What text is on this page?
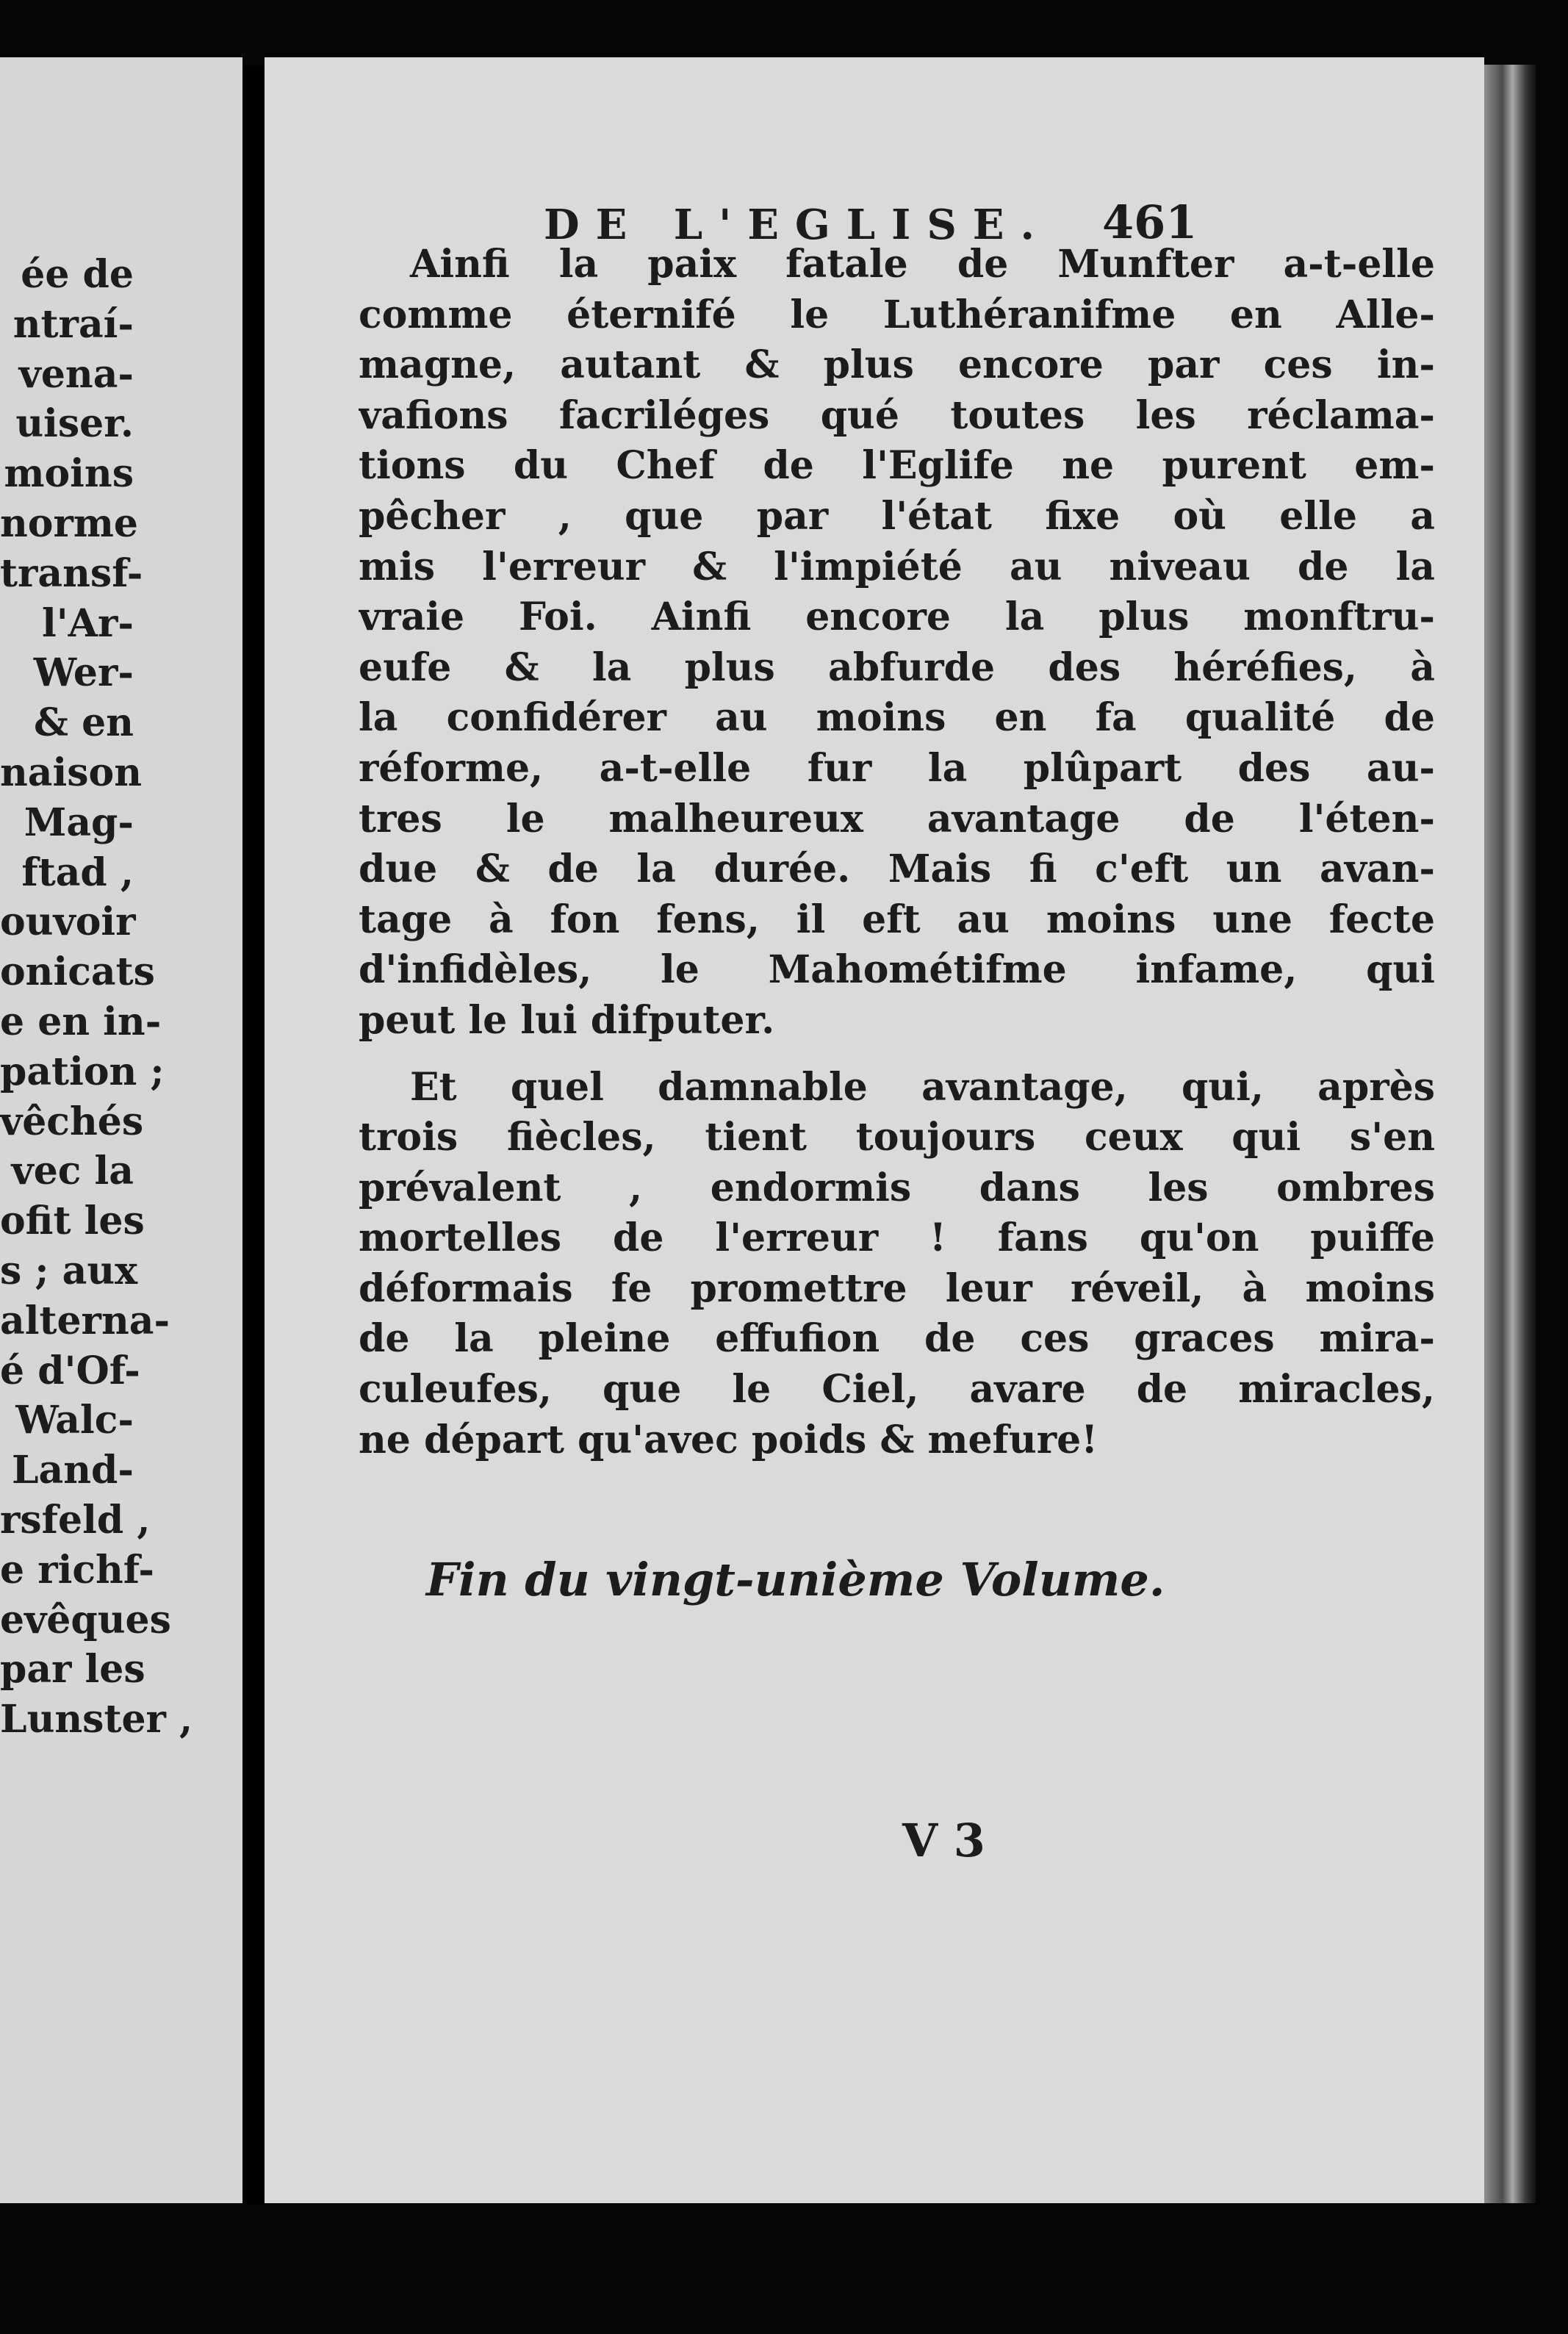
ée de
ntraí-
vena-
uiser.
moins
norme
transf-
l'Ar-
Wer-
& en
naison
Mag-
ftad ,
ouvoir
onicats
e en in-
pation ;
vêchés
vec la
ofit les
s ; aux
alterna-
é d'Of-
Walc-
Land-
rsfeld ,
e richf-
evêques
par les
Lunster ,
DE L'EGLISE. 461
Ainfi la paix fatale de Munfter a-t-elle
comme éternifé le Luthéranifme en Alle-
magne, autant & plus encore par ces in-
vafions facriléges qué toutes les réclama-
tions du Chef de l'Eglife ne purent em-
pêcher , que par l'état fixe où elle a
mis l'erreur & l'impiété au niveau de la
vraie Foi. Ainfi encore la plus monftru-
eufe & la plus abfurde des héréfies, à
la confidérer au moins en fa qualité de
réforme, a-t-elle fur la plûpart des au-
tres le malheureux avantage de l'éten-
due & de la durée. Mais fi c'eft un avan-
tage à fon fens, il eft au moins une fecte
d'infidèles, le Mahométifme infame, qui
peut le lui difputer.
Et quel damnable avantage, qui, après
trois fiècles, tient toujours ceux qui s'en
prévalent , endormis dans les ombres
mortelles de l'erreur ! fans qu'on puiffe
déformais fe promettre leur réveil, à moins
de la pleine effufion de ces graces mira-
culeufes, que le Ciel, avare de miracles,
ne départ qu'avec poids & mefure!
Fin du vingt-unième Volume.
V 3
